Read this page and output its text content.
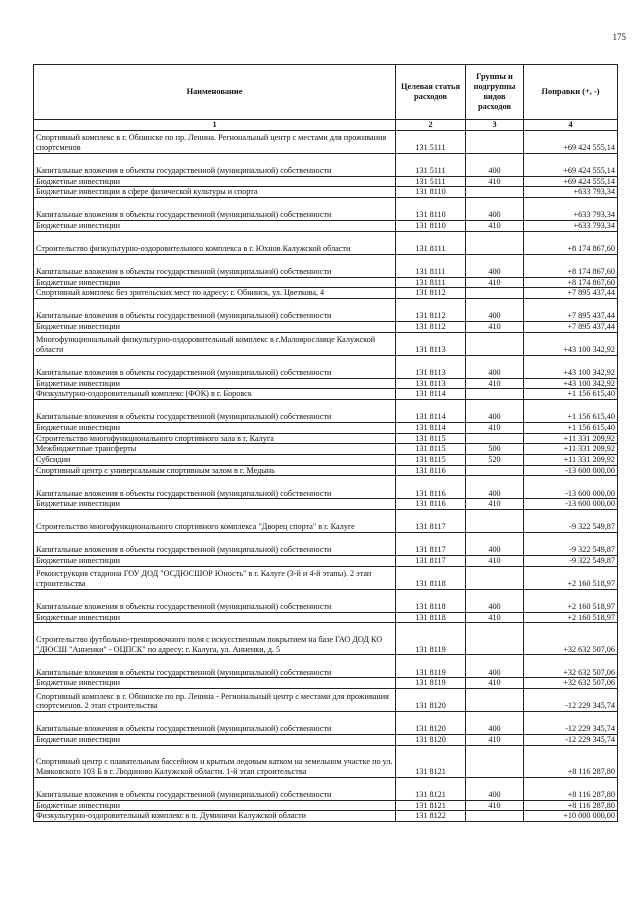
175
Наименование	Целевая статья расходов	Группы и подгруппы видов расходов	Поправки (+, -)
1	2	3	4
Спортивный комплекс в г. Обнинске по пр. Ленина. Региональный центр с местами для проживания спортсменов	131 5111		+69 424 555,14
Капитальные вложения в объекты государственной (муниципальной) собственности	131 5111	400	+69 424 555,14
Бюджетные инвестиции	131 5111	410	+69 424 555,14
Бюджетные инвестиции в сфере физической культуры и спорта	131 8110		+633 793,34
Капитальные вложения в объекты государственной (муниципальной) собственности	131 8110	400	+633 793,34
Бюджетные инвестиции	131 8110	410	+633 793,34
Строительство физкультурно-оздоровительного комплекса в г. Юхнов Калужской области	131 8111		+8 174 867,60
Капитальные вложения в объекты государственной (муниципальной) собственности	131 8111	400	+8 174 867,60
Бюджетные инвестиции	131 8111	410	+8 174 867,60
Спортивный комплекс без зрительских мест по адресу: г. Обнинск, ул. Цветкова, 4	131 8112		+7 895 437,44
Капитальные вложения в объекты государственной (муниципальной) собственности	131 8112	400	+7 895 437,44
Бюджетные инвестиции	131 8112	410	+7 895 437,44
Многофункциональный физкультурно-оздоровительный комплекс в г.Малоярославце Калужской области	131 8113		+43 100 342,92
Капитальные вложения в объекты государственной (муниципальной) собственности	131 8113	400	+43 100 342,92
Бюджетные инвестиции	131 8113	410	+43 100 342,92
Физкультурно-оздоровительный комплекс (ФОК) в г. Боровск	131 8114		+1 156 615,40
Капитальные вложения в объекты государственной (муниципальной) собственности	131 8114	400	+1 156 615,40
Бюджетные инвестиции	131 8114	410	+1 156 615,40
Строительство многофункционального спортивного зала в г. Калуга	131 8115		+11 331 209,92
Межбюджетные трансферты	131 8115	500	+11 331 209,92
Субсидии	131 8115	520	+11 331 209,92
Спортивный центр с универсальным спортивным залом в г. Медынь	131 8116		-13 600 000,00
Капитальные вложения в объекты государственной (муниципальной) собственности	131 8116	400	-13 600 000,00
Бюджетные инвестиции	131 8116	410	-13 600 000,00
Строительство многофункционального спортивного комплекса "Дворец спорта" в г. Калуге	131 8117		-9 322 549,87
Капитальные вложения в объекты государственной (муниципальной) собственности	131 8117	400	-9 322 549,87
Бюджетные инвестиции	131 8117	410	-9 322 549,87
Реконструкция стадиона ГОУ ДОД "ОСДЮСШОР Юность" в г. Калуге (3-й и 4-й этапы). 2 этап строительства	131 8118		+2 160 518,97
Капитальные вложения в объекты государственной (муниципальной) собственности	131 8118	400	+2 160 518,97
Бюджетные инвестиции	131 8118	410	+2 160 518,97
Строительство футбольно-тренировочного поля с искусственным покрытием на базе ГАО ДОД КО "ДЮСШ "Анненки" - ОЦПСК" по адресу: г. Калуга, ул. Анненки, д. 5	131 8119		+32 632 507,06
Капитальные вложения в объекты государственной (муниципальной) собственности	131 8119	400	+32 632 507,06
Бюджетные инвестиции	131 8119	410	+32 632 507,06
Спортивный комплекс в г. Обнинске по пр. Ленина - Региональный центр с местами для проживания спортсменов. 2 этап строительства	131 8120		-12 229 345,74
Капитальные вложения в объекты государственной (муниципальной) собственности	131 8120	400	-12 229 345,74
Бюджетные инвестиции	131 8120	410	-12 229 345,74
Спортивный центр с плавательным бассейном и крытым ледовым катком на земельном участке по ул. Маяковского 103 Б в г. Людиново Калужской области. 1-й этап строительства	131 8121		+8 116 287,80
Капитальные вложения в объекты государственной (муниципальной) собственности	131 8121	400	+8 116 287,80
Бюджетные инвестиции	131 8121	410	+8 116 287,80
Физкультурно-оздоровительный комплекс в п. Думиничи Калужской области	131 8122		+10 000 000,00
